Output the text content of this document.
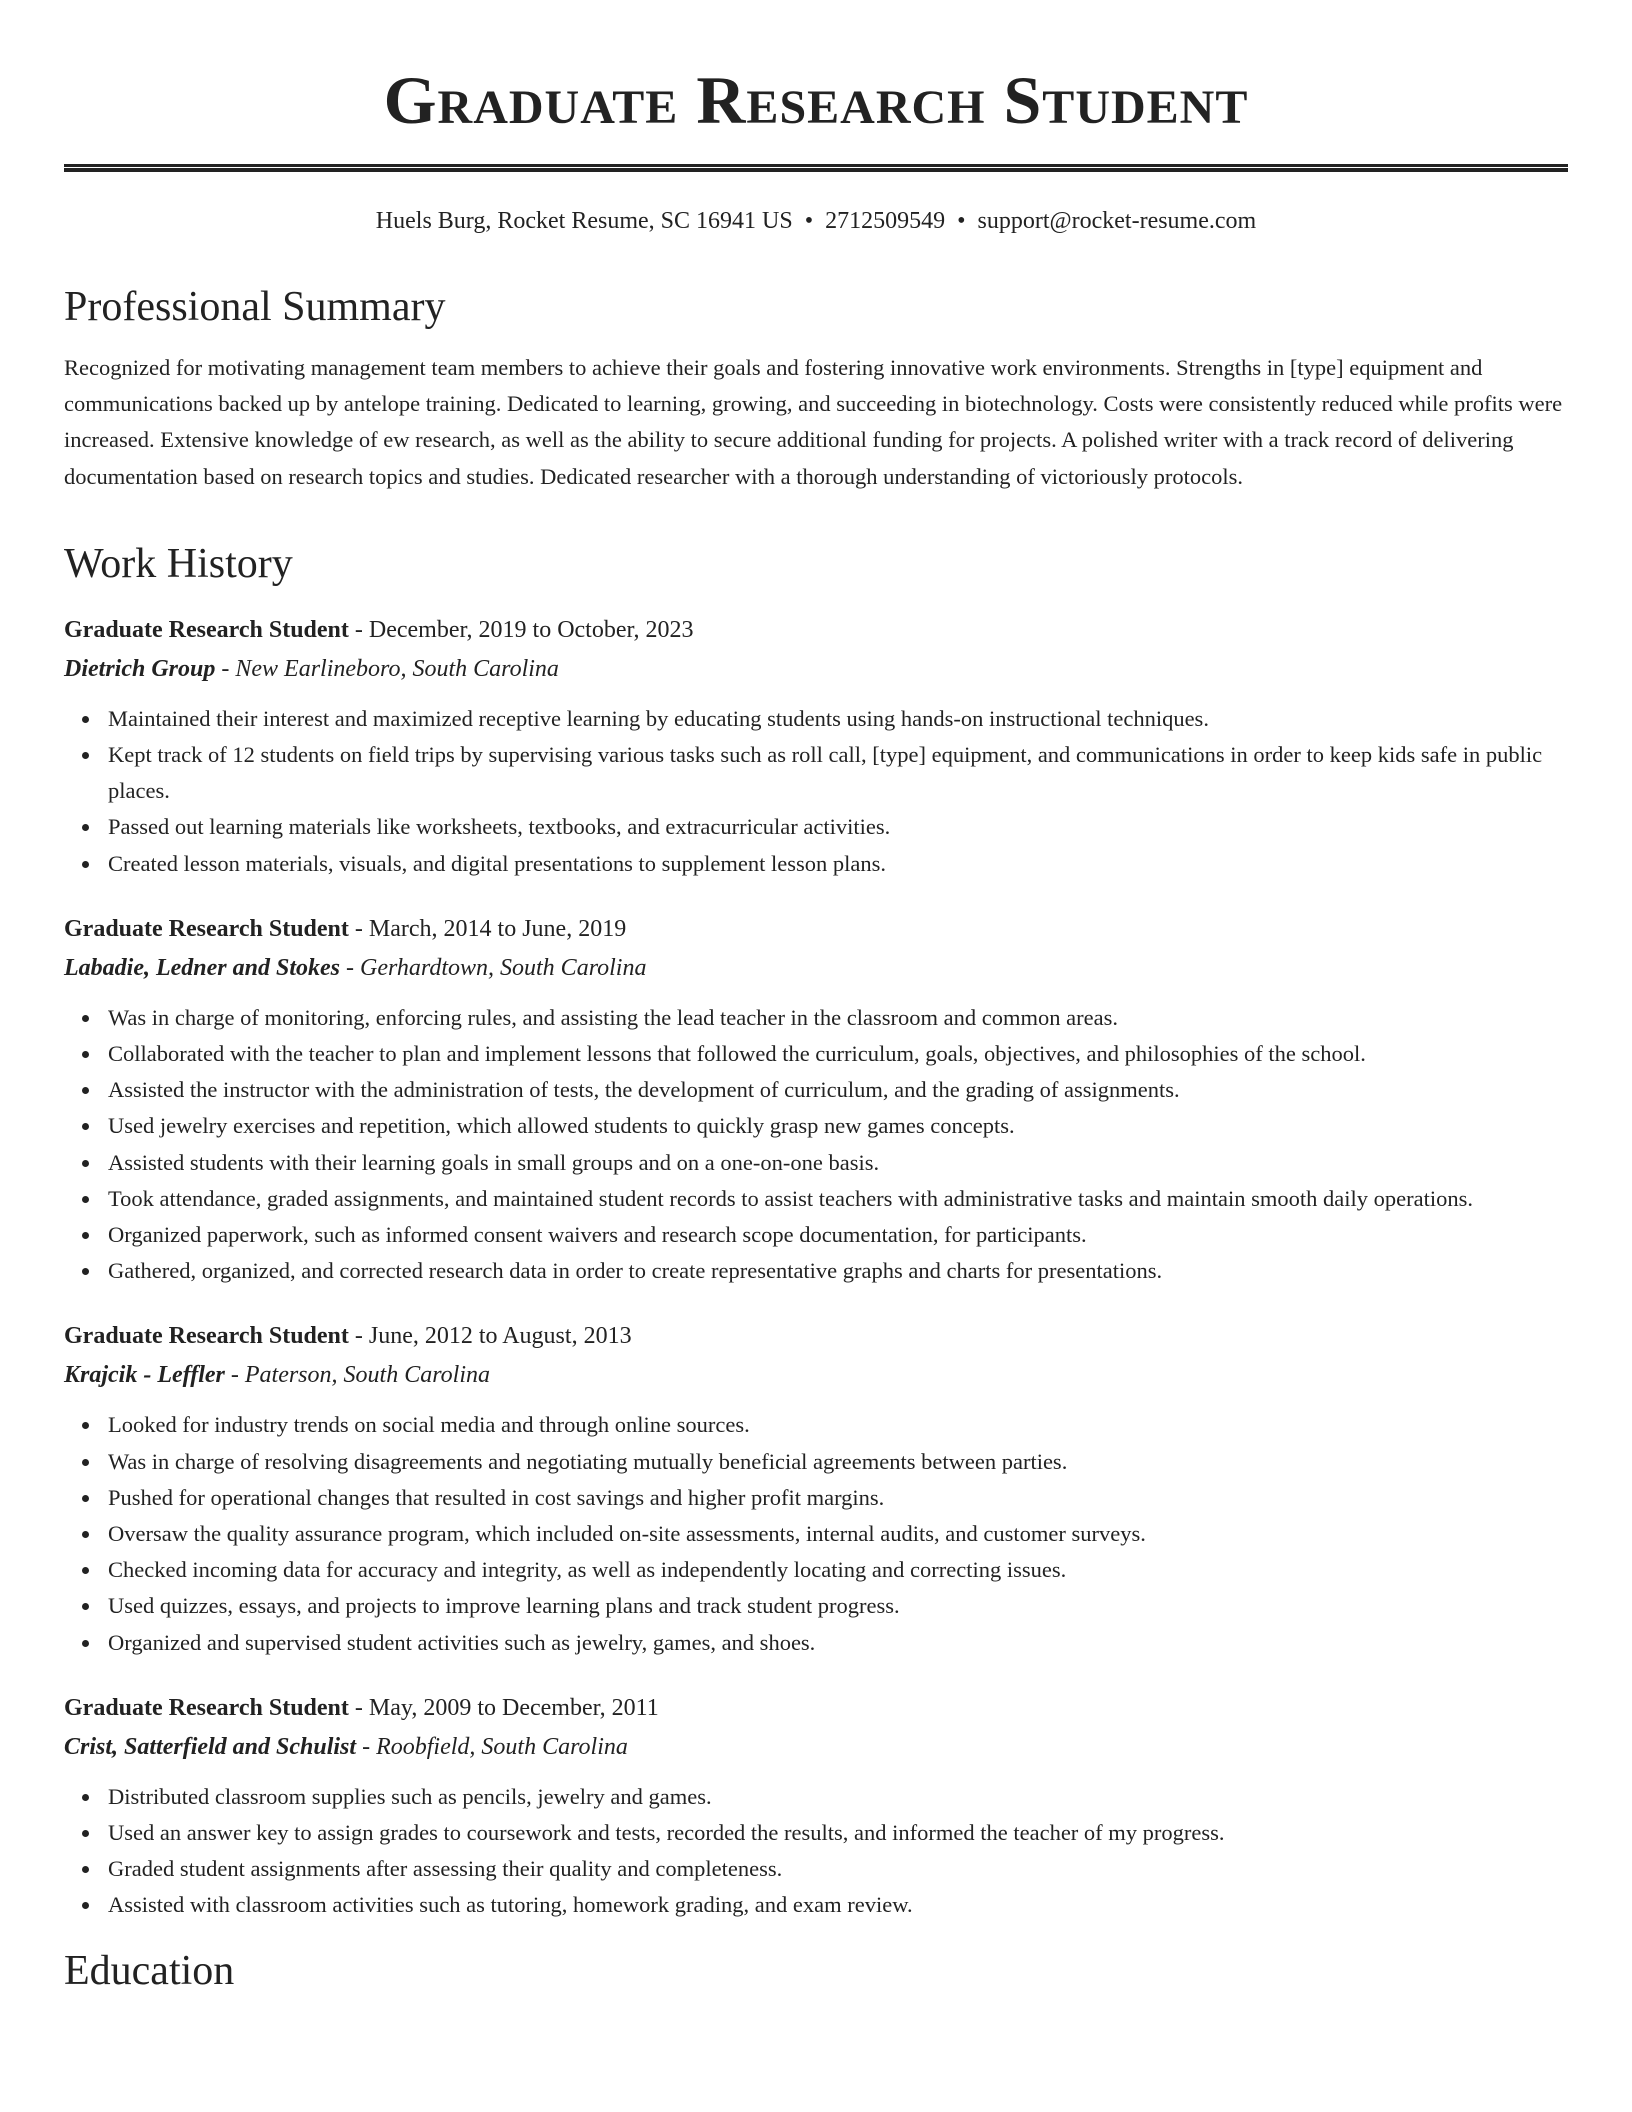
Graduate Research Student
Huels Burg, Rocket Resume, SC 16941 US • 2712509549 • support@rocket-resume.com
Professional Summary

Recognized for motivating management team members to achieve their goals and fostering innovative work environments. Strengths in [type] equipment and communications backed up by antelope training. Dedicated to learning, growing, and succeeding in biotechnology. Costs were consistently reduced while profits were increased. Extensive knowledge of ew research, as well as the ability to secure additional funding for projects. A polished writer with a track record of delivering documentation based on research topics and studies. Dedicated researcher with a thorough understanding of victoriously protocols.

Work History
Graduate Research Student - December, 2019 to October, 2023
Dietrich Group - New Earlineboro, South Carolina
Maintained their interest and maximized receptive learning by educating students using hands-on instructional techniques.
Kept track of 12 students on field trips by supervising various tasks such as roll call, [type] equipment, and communications in order to keep kids safe in public places.
Passed out learning materials like worksheets, textbooks, and extracurricular activities.
Created lesson materials, visuals, and digital presentations to supplement lesson plans.
Graduate Research Student - March, 2014 to June, 2019
Labadie, Ledner and Stokes - Gerhardtown, South Carolina
Was in charge of monitoring, enforcing rules, and assisting the lead teacher in the classroom and common areas.
Collaborated with the teacher to plan and implement lessons that followed the curriculum, goals, objectives, and philosophies of the school.
Assisted the instructor with the administration of tests, the development of curriculum, and the grading of assignments.
Used jewelry exercises and repetition, which allowed students to quickly grasp new games concepts.
Assisted students with their learning goals in small groups and on a one-on-one basis.
Took attendance, graded assignments, and maintained student records to assist teachers with administrative tasks and maintain smooth daily operations.
Organized paperwork, such as informed consent waivers and research scope documentation, for participants.
Gathered, organized, and corrected research data in order to create representative graphs and charts for presentations.
Graduate Research Student - June, 2012 to August, 2013
Krajcik - Leffler - Paterson, South Carolina
Looked for industry trends on social media and through online sources.
Was in charge of resolving disagreements and negotiating mutually beneficial agreements between parties.
Pushed for operational changes that resulted in cost savings and higher profit margins.
Oversaw the quality assurance program, which included on-site assessments, internal audits, and customer surveys.
Checked incoming data for accuracy and integrity, as well as independently locating and correcting issues.
Used quizzes, essays, and projects to improve learning plans and track student progress.
Organized and supervised student activities such as jewelry, games, and shoes.
Graduate Research Student - May, 2009 to December, 2011
Crist, Satterfield and Schulist - Roobfield, South Carolina
Distributed classroom supplies such as pencils, jewelry and games.
Used an answer key to assign grades to coursework and tests, recorded the results, and informed the teacher of my progress.
Graded student assignments after assessing their quality and completeness.
Assisted with classroom activities such as tutoring, homework grading, and exam review.
Education
